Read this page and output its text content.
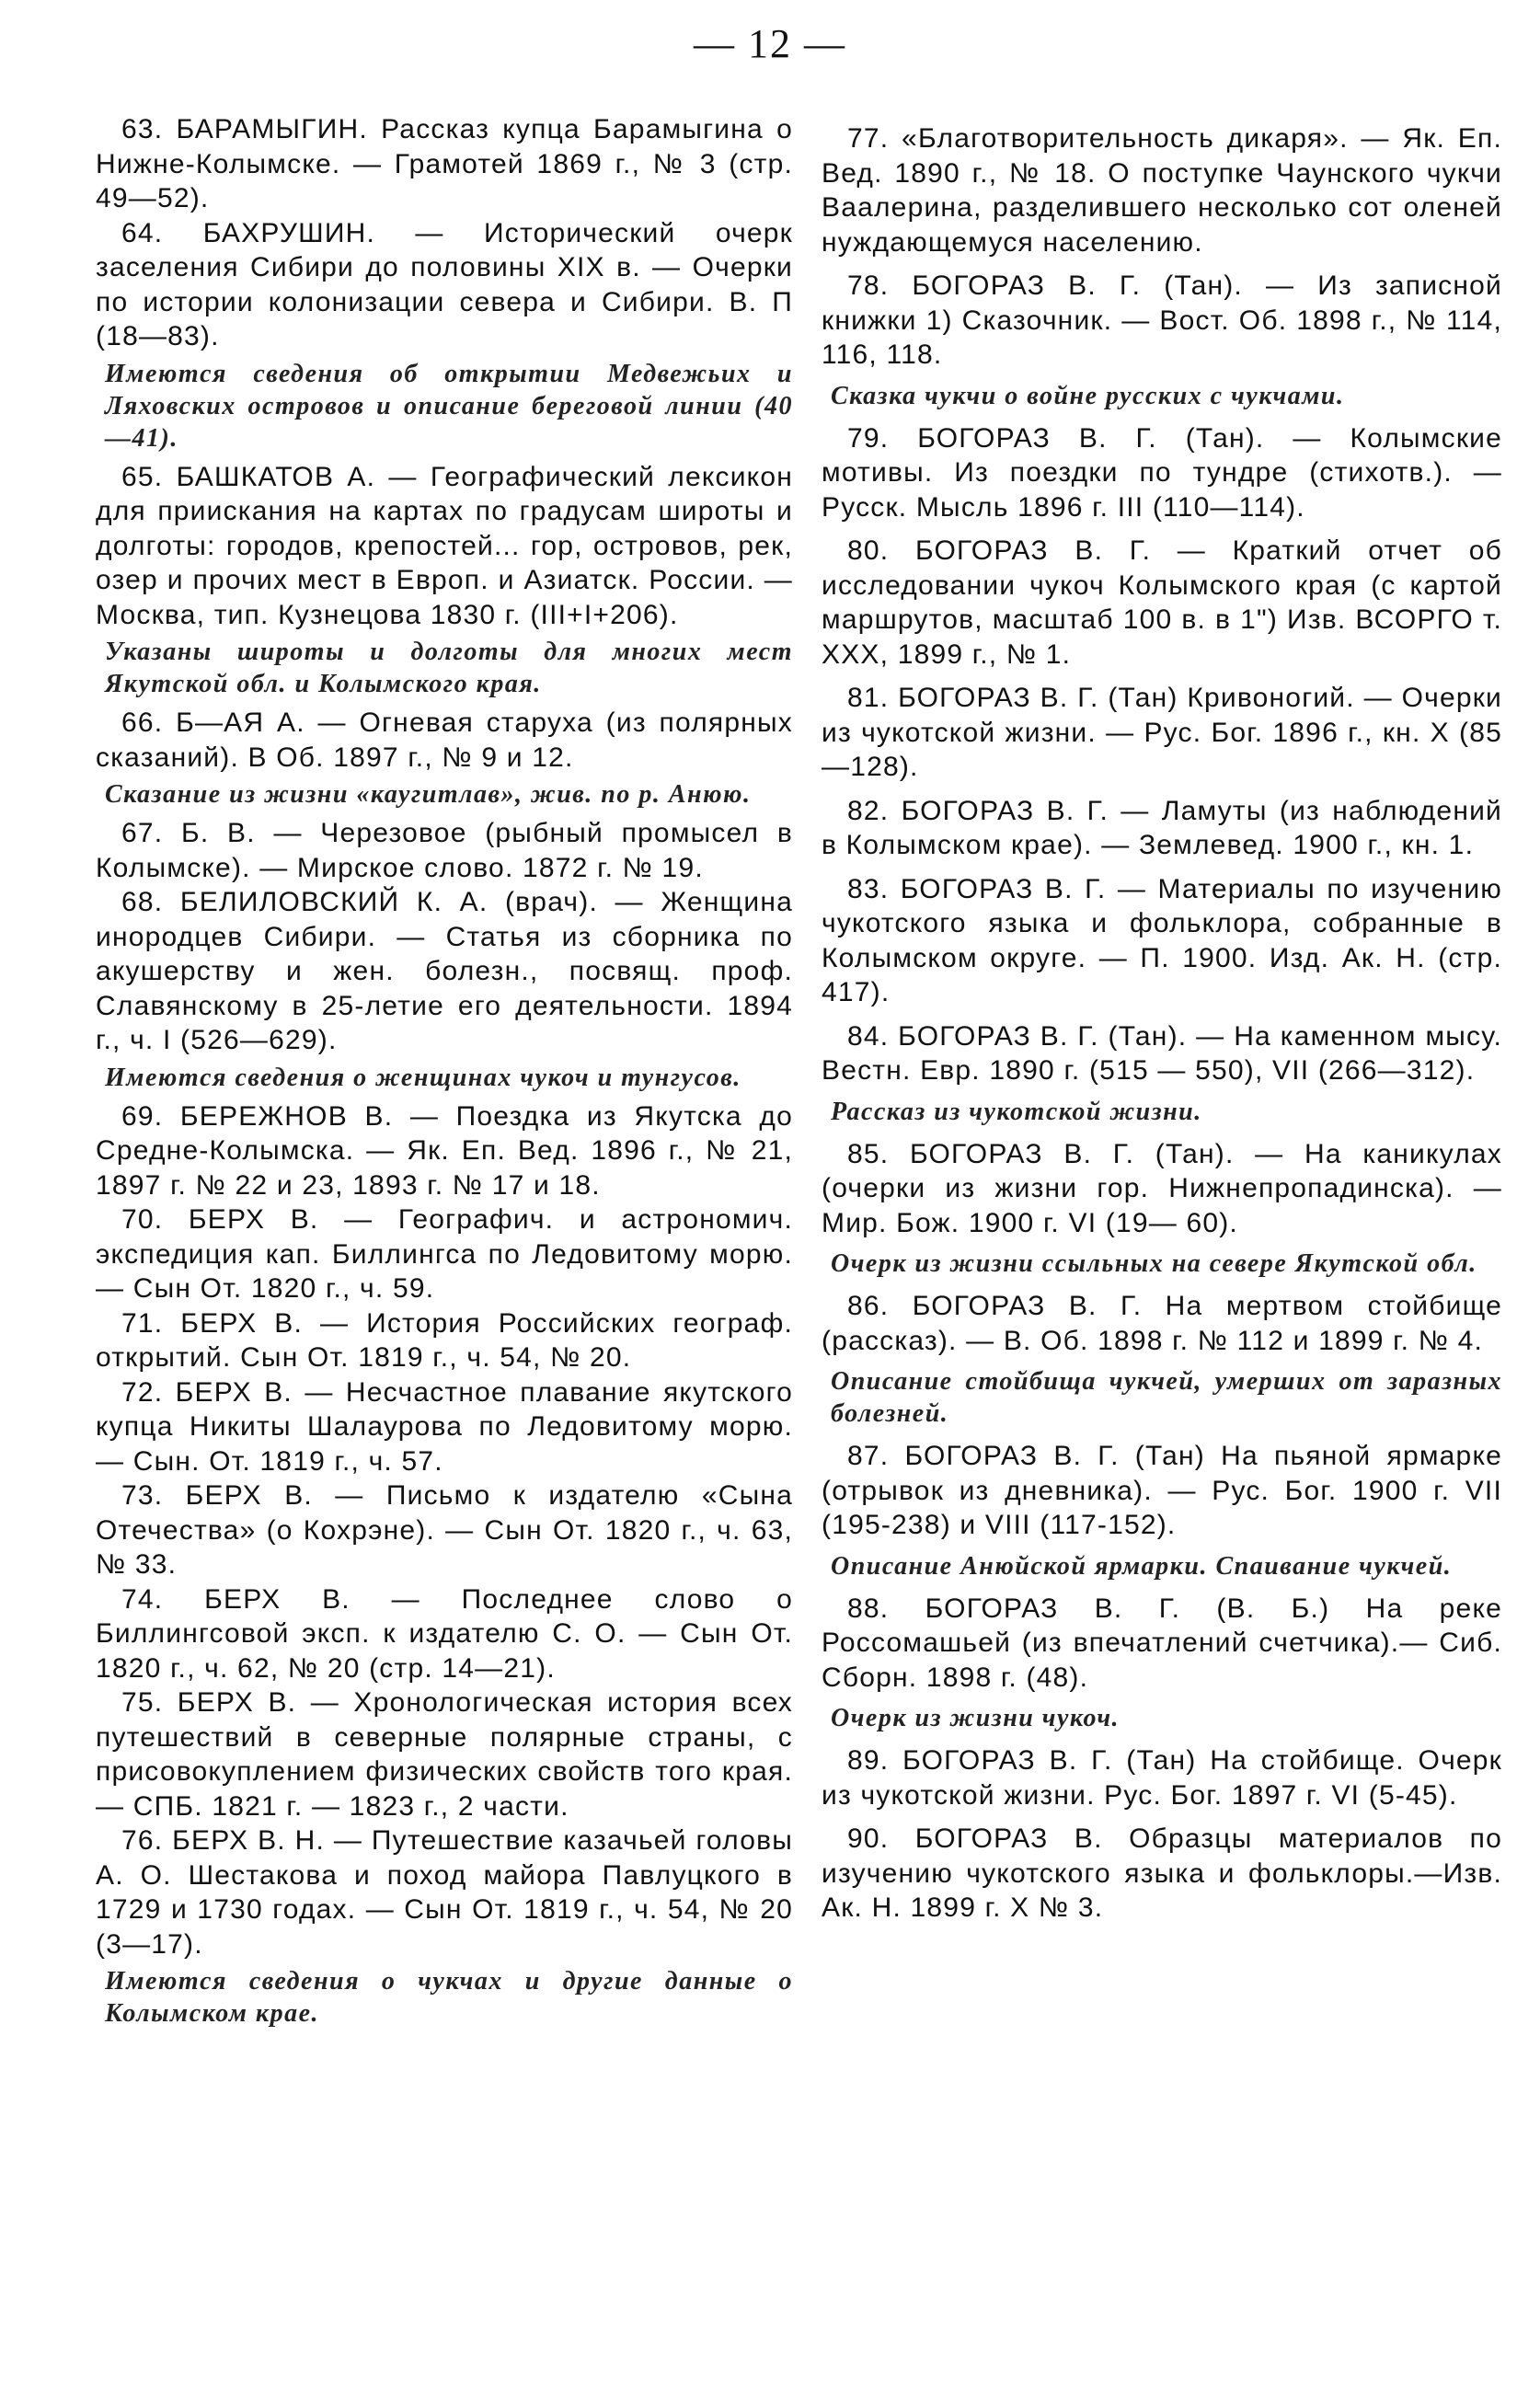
— 12 —

63. БАРАМЫГИН. Рассказ купца Барамыгина о Нижне-Колымске. — Грамотей 1869 г., № 3 (стр. 49—52).

64. БАХРУШИН. — Исторический очерк заселения Сибири до половины XIX в. — Очерки по истории колонизации севера и Сибири. В. П (18—83).

Имеются сведения об открытии Медвежьих и Ляховских островов и описание береговой линии (40—41).

65. БАШКАТОВ А. — Географический лексикон для приискания на картах по градусам широты и долготы: городов, крепостей... гор, островов, рек, озер и прочих мест в Европ. и Азиатск. России. — Москва, тип. Кузнецова 1830 г. (III+I+206).

Указаны широты и долготы для многих мест Якутской обл. и Колымского края.

66. Б—АЯ А. — Огневая старуха (из полярных сказаний). В Об. 1897 г., № 9 и 12.

Сказание из жизни «каугитлав», жив. по р. Анюю.

67. Б. В. — Черезовое (рыбный промысел в Колымске). — Мирское слово. 1872 г. № 19.

68. БЕЛИЛОВСКИЙ К. А. (врач). — Женщина инородцев Сибири. — Статья из сборника по акушерству и жен. болезн., посвящ. проф. Славянскому в 25-летие его деятельности. 1894 г., ч. I (526—629).

Имеются сведения о женщинах чукоч и тунгусов.

69. БЕРЕЖНОВ В. — Поездка из Якутска до Средне-Колымска. — Як. Еп. Вед. 1896 г., № 21, 1897 г. № 22 и 23, 1893 г. № 17 и 18.

70. БЕРХ В. — Географич. и астрономич. экспедиция кап. Биллингса по Ледовитому морю. — Сын От. 1820 г., ч. 59.

71. БЕРХ В. — История Российских географ. открытий. Сын От. 1819 г., ч. 54, № 20.

72. БЕРХ В. — Несчастное плавание якутского купца Никиты Шалаурова по Ледовитому морю. — Сын. От. 1819 г., ч. 57.

73. БЕРХ В. — Письмо к издателю «Сына Отечества» (о Кохрэне). — Сын От. 1820 г., ч. 63, № 33.

74. БЕРХ В. — Последнее слово о Биллингсовой эксп. к издателю С. О. — Сын От. 1820 г., ч. 62, № 20 (стр. 14—21).

75. БЕРХ В. — Хронологическая история всех путешествий в северные полярные страны, с присовокуплением физических свойств того края. — СПБ. 1821 г. — 1823 г., 2 части.

76. БЕРХ В. Н. — Путешествие казачьей головы А. О. Шестакова и поход майора Павлуцкого в 1729 и 1730 годах. — Сын От. 1819 г., ч. 54, № 20 (3—17).

Имеются сведения о чукчах и другие данные о Колымском крае.

77. «Благотворительность дикаря». — Як. Еп. Вед. 1890 г., № 18. О поступке Чаунского чукчи Ваалерина, разделившего несколько сот оленей нуждающемуся населению.

78. БОГОРАЗ В. Г. (Тан). — Из записной книжки 1) Сказочник. — Вост. Об. 1898 г., № 114, 116, 118.

Сказка чукчи о войне русских с чукчами.

79. БОГОРАЗ В. Г. (Тан). — Колымские мотивы. Из поездки по тундре (стихотв.). — Русск. Мысль 1896 г. III (110—114).

80. БОГОРАЗ В. Г. — Краткий отчет об исследовании чукоч Колымского края (с картой маршрутов, масштаб 100 в. в 1") Изв. ВСОРГО т. XXX, 1899 г., № 1.

81. БОГОРАЗ В. Г. (Тан) Кривоногий. — Очерки из чукотской жизни. — Рус. Бог. 1896 г., кн. X (85—128).

82. БОГОРАЗ В. Г. — Ламуты (из наблюдений в Колымском крае). — Землевед. 1900 г., кн. 1.

83. БОГОРАЗ В. Г. — Материалы по изучению чукотского языка и фольклора, собранные в Колымском округе. — П. 1900. Изд. Ак. Н. (стр. 417).

84. БОГОРАЗ В. Г. (Тан). — На каменном мысу. Вестн. Евр. 1890 г. (515 — 550), VII (266—312).

Рассказ из чукотской жизни.

85. БОГОРАЗ В. Г. (Тан). — На каникулах (очерки из жизни гор. Нижнепропадинска). — Мир. Бож. 1900 г. VI (19— 60).

Очерк из жизни ссыльных на севере Якутской обл.

86. БОГОРАЗ В. Г. На мертвом стойбище (рассказ). — В. Об. 1898 г. № 112 и 1899 г. № 4.

Описание стойбища чукчей, умерших от заразных болезней.

87. БОГОРАЗ В. Г. (Тан) На пьяной ярмарке (отрывок из дневника). — Рус. Бог. 1900 г. VII (195-238) и VIII (117-152).

Описание Анюйской ярмарки. Спаивание чукчей.

88. БОГОРАЗ В. Г. (В. Б.) На реке Россомашьей (из впечатлений счетчика).— Сиб. Сборн. 1898 г. (48).

Очерк из жизни чукоч.

89. БОГОРАЗ В. Г. (Тан) На стойбище. Очерк из чукотской жизни. Рус. Бог. 1897 г. VI (5-45).

90. БОГОРАЗ В. Образцы материалов по изучению чукотского языка и фольклоры.—Изв. Ак. Н. 1899 г. X № 3.
